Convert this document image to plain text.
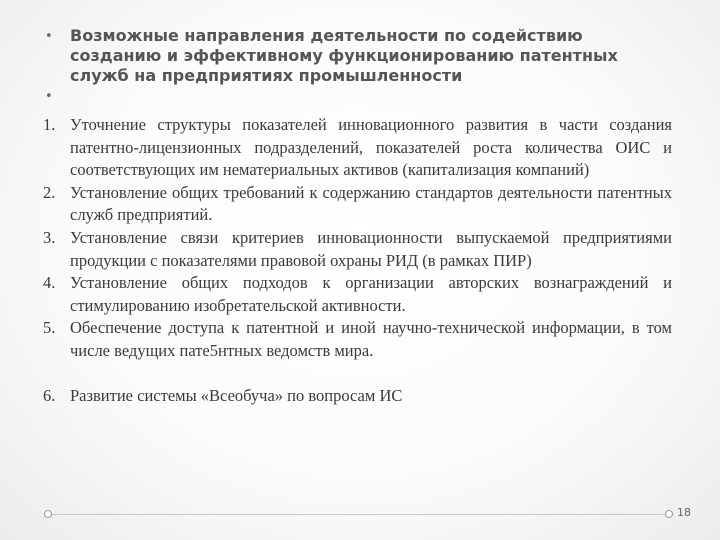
• Возможные направления деятельности по содействию созданию и эффективному функционированию патентных служб на предприятиях промышленности
•
1. Уточнение структуры показателей инновационного развития в части создания патентно-лицензионных подразделений, показателей роста количества ОИС и соответствующих им нематериальных активов (капитализация компаний)
2. Установление общих требований к содержанию стандартов деятельности патентных служб предприятий.
3. Установление связи критериев инновационности выпускаемой предприятиями продукции с показателями правовой охраны РИД (в рамках ПИР)
4. Установление общих подходов к организации авторских вознаграждений и стимулированию изобретательской активности.
5. Обеспечение доступа к патентной и иной научно-технической информации, в том числе ведущих пате5нтных ведомств мира.
6. Развитие системы «Всеобуча» по вопросам ИС
18
